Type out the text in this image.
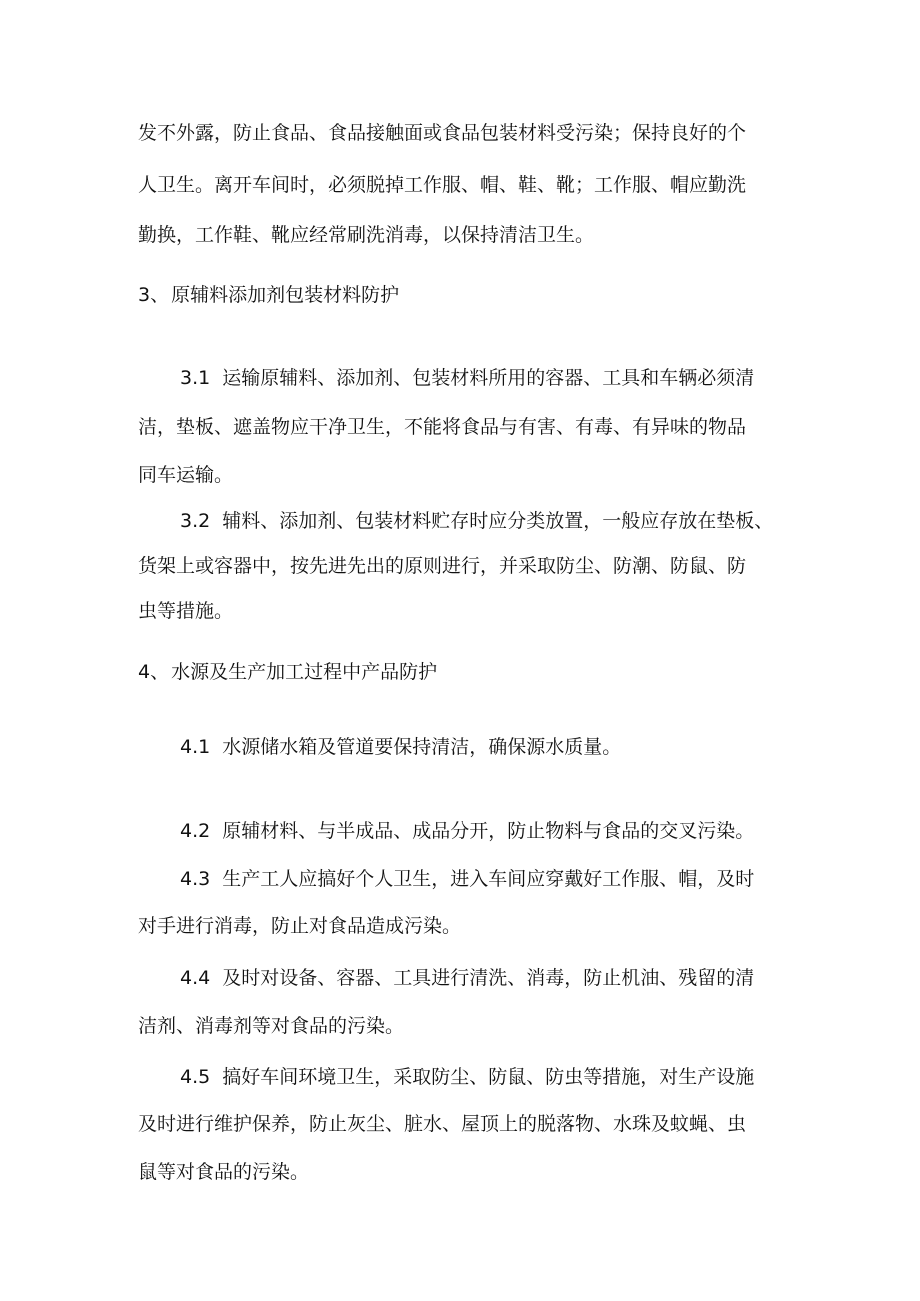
发不外露，防止食品、食品接触面或食品包装材料受污染；保持良好的个
人卫生。离开车间时，必须脱掉工作服、帽、鞋、靴；工作服、帽应勤洗
勤换，工作鞋、靴应经常刷洗消毒，以保持清洁卫生。
3、 原辅料添加剂包装材料防护
3.1 运输原辅料、添加剂、包装材料所用的容器、工具和车辆必须清
洁，垫板、遮盖物应干净卫生，不能将食品与有害、有毒、有异味的物品
同车运输。
3.2 辅料、添加剂、包装材料贮存时应分类放置，一般应存放在垫板、
货架上或容器中，按先进先出的原则进行，并采取防尘、防潮、防鼠、防
虫等措施。
4、 水源及生产加工过程中产品防护
4.1 水源储水箱及管道要保持清洁，确保源水质量。
4.2 原辅材料、与半成品、成品分开，防止物料与食品的交叉污染。
4.3 生产工人应搞好个人卫生，进入车间应穿戴好工作服、帽，及时
对手进行消毒，防止对食品造成污染。
4.4 及时对设备、容器、工具进行清洗、消毒，防止机油、残留的清
洁剂、消毒剂等对食品的污染。
4.5 搞好车间环境卫生，采取防尘、防鼠、防虫等措施，对生产设施
及时进行维护保养，防止灰尘、脏水、屋顶上的脱落物、水珠及蚊蝇、虫
鼠等对食品的污染。
